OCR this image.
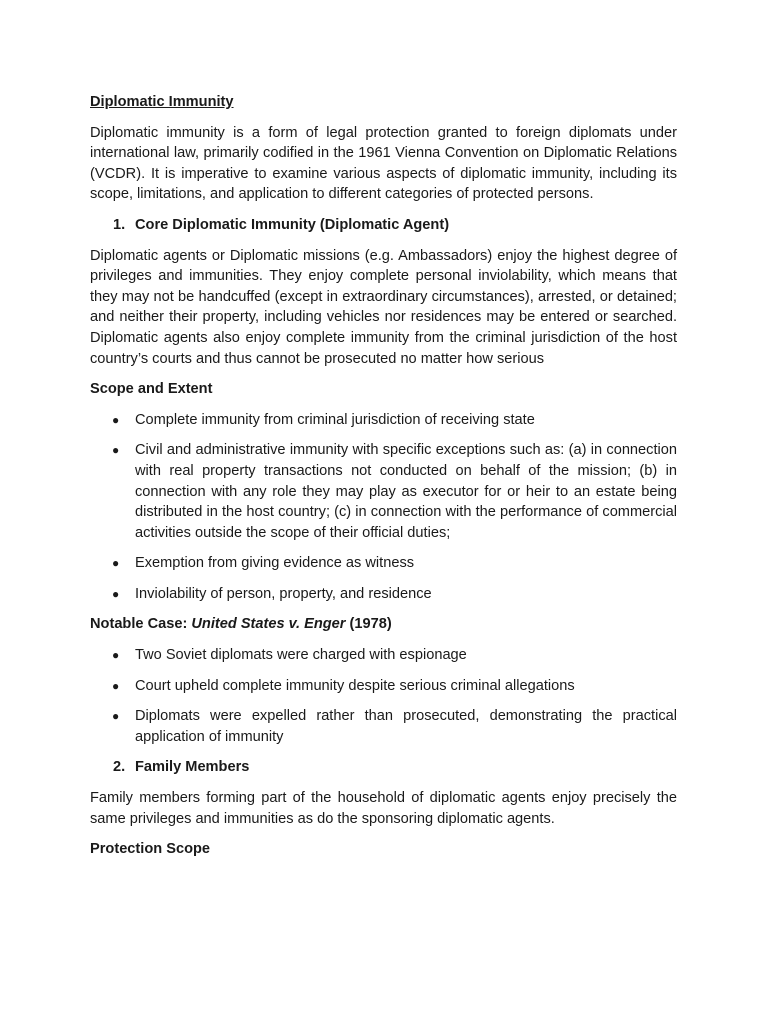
Diplomatic Immunity

Diplomatic immunity is a form of legal protection granted to foreign diplomats under international law, primarily codified in the 1961 Vienna Convention on Diplomatic Relations (VCDR). It is imperative to examine various aspects of diplomatic immunity, including its scope, limitations, and application to different categories of protected persons.

1. Core Diplomatic Immunity (Diplomatic Agent)

Diplomatic agents or Diplomatic missions (e.g. Ambassadors) enjoy the highest degree of privileges and immunities. They enjoy complete personal inviolability, which means that they may not be handcuffed (except in extraordinary circumstances), arrested, or detained; and neither their property, including vehicles nor residences may be entered or searched. Diplomatic agents also enjoy complete immunity from the criminal jurisdiction of the host country’s courts and thus cannot be prosecuted no matter how serious

Scope and Extent
● Complete immunity from criminal jurisdiction of receiving state
● Civil and administrative immunity with specific exceptions such as: (a) in connection with real property transactions not conducted on behalf of the mission; (b) in connection with any role they may play as executor for or heir to an estate being distributed in the host country; (c) in connection with the performance of commercial activities outside the scope of their official duties;
● Exemption from giving evidence as witness
● Inviolability of person, property, and residence
Notable Case: United States v. Enger (1978)
● Two Soviet diplomats were charged with espionage
● Court upheld complete immunity despite serious criminal allegations
● Diplomats were expelled rather than prosecuted, demonstrating the practical application of immunity
2. Family Members

Family members forming part of the household of diplomatic agents enjoy precisely the same privileges and immunities as do the sponsoring diplomatic agents.

Protection Scope
